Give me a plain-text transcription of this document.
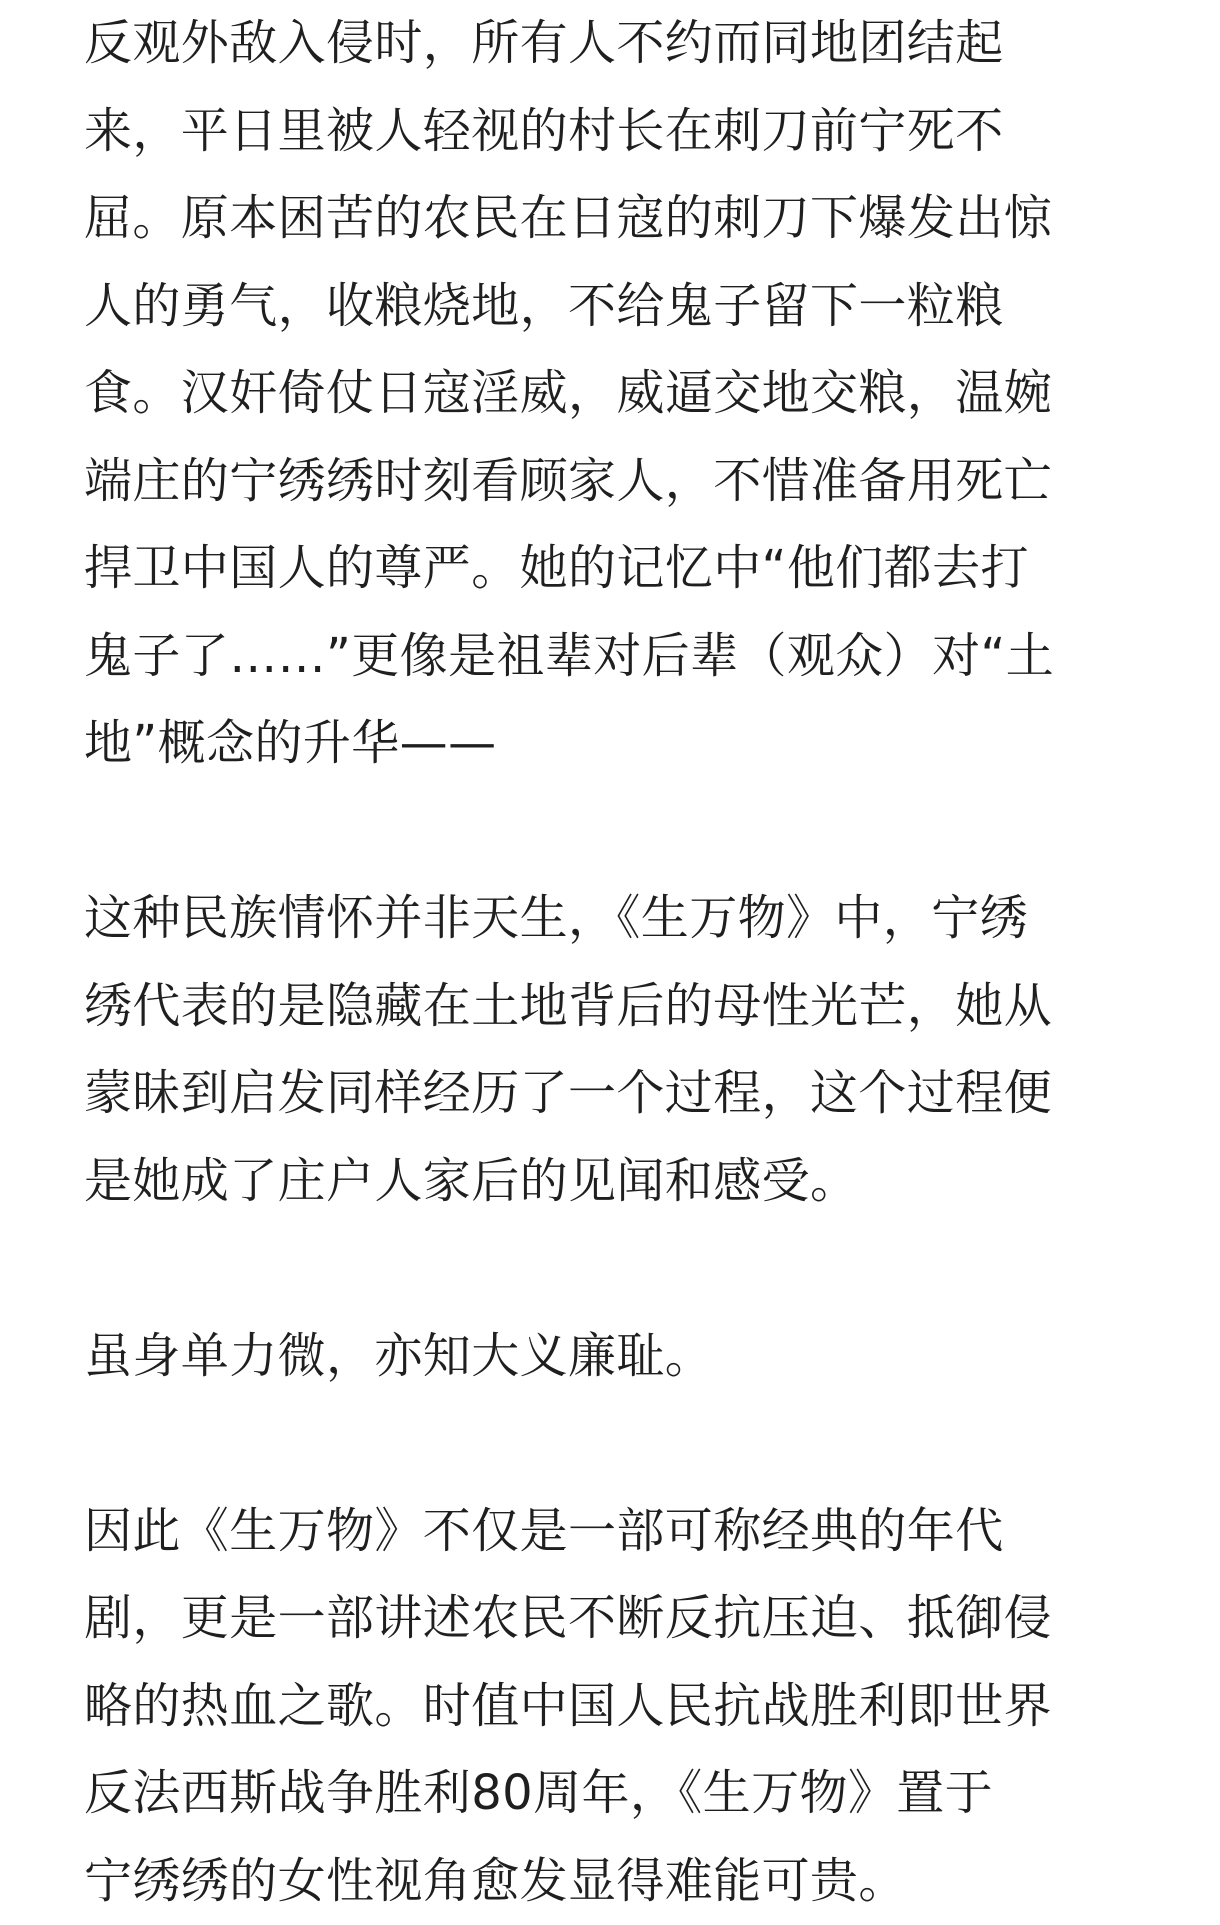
反观外敌入侵时，所有人不约而同地团结起
来，平日里被人轻视的村长在刺刀前宁死不
屈。原本困苦的农民在日寇的刺刀下爆发出惊
人的勇气，收粮烧地，不给鬼子留下一粒粮
食。汉奸倚仗日寇淫威，威逼交地交粮，温婉
端庄的宁绣绣时刻看顾家人，不惜准备用死亡
捍卫中国人的尊严。她的记忆中“他们都去打
鬼子了……”更像是祖辈对后辈（观众）对“土
地”概念的升华——
这种民族情怀并非天生，《生万物》中，宁绣
绣代表的是隐藏在土地背后的母性光芒，她从
蒙昧到启发同样经历了一个过程，这个过程便
是她成了庄户人家后的见闻和感受。
虽身单力微，亦知大义廉耻。
因此《生万物》不仅是一部可称经典的年代
剧，更是一部讲述农民不断反抗压迫、抵御侵
略的热血之歌。时值中国人民抗战胜利即世界
反法西斯战争胜利80周年，《生万物》置于
宁绣绣的女性视角愈发显得难能可贵。
